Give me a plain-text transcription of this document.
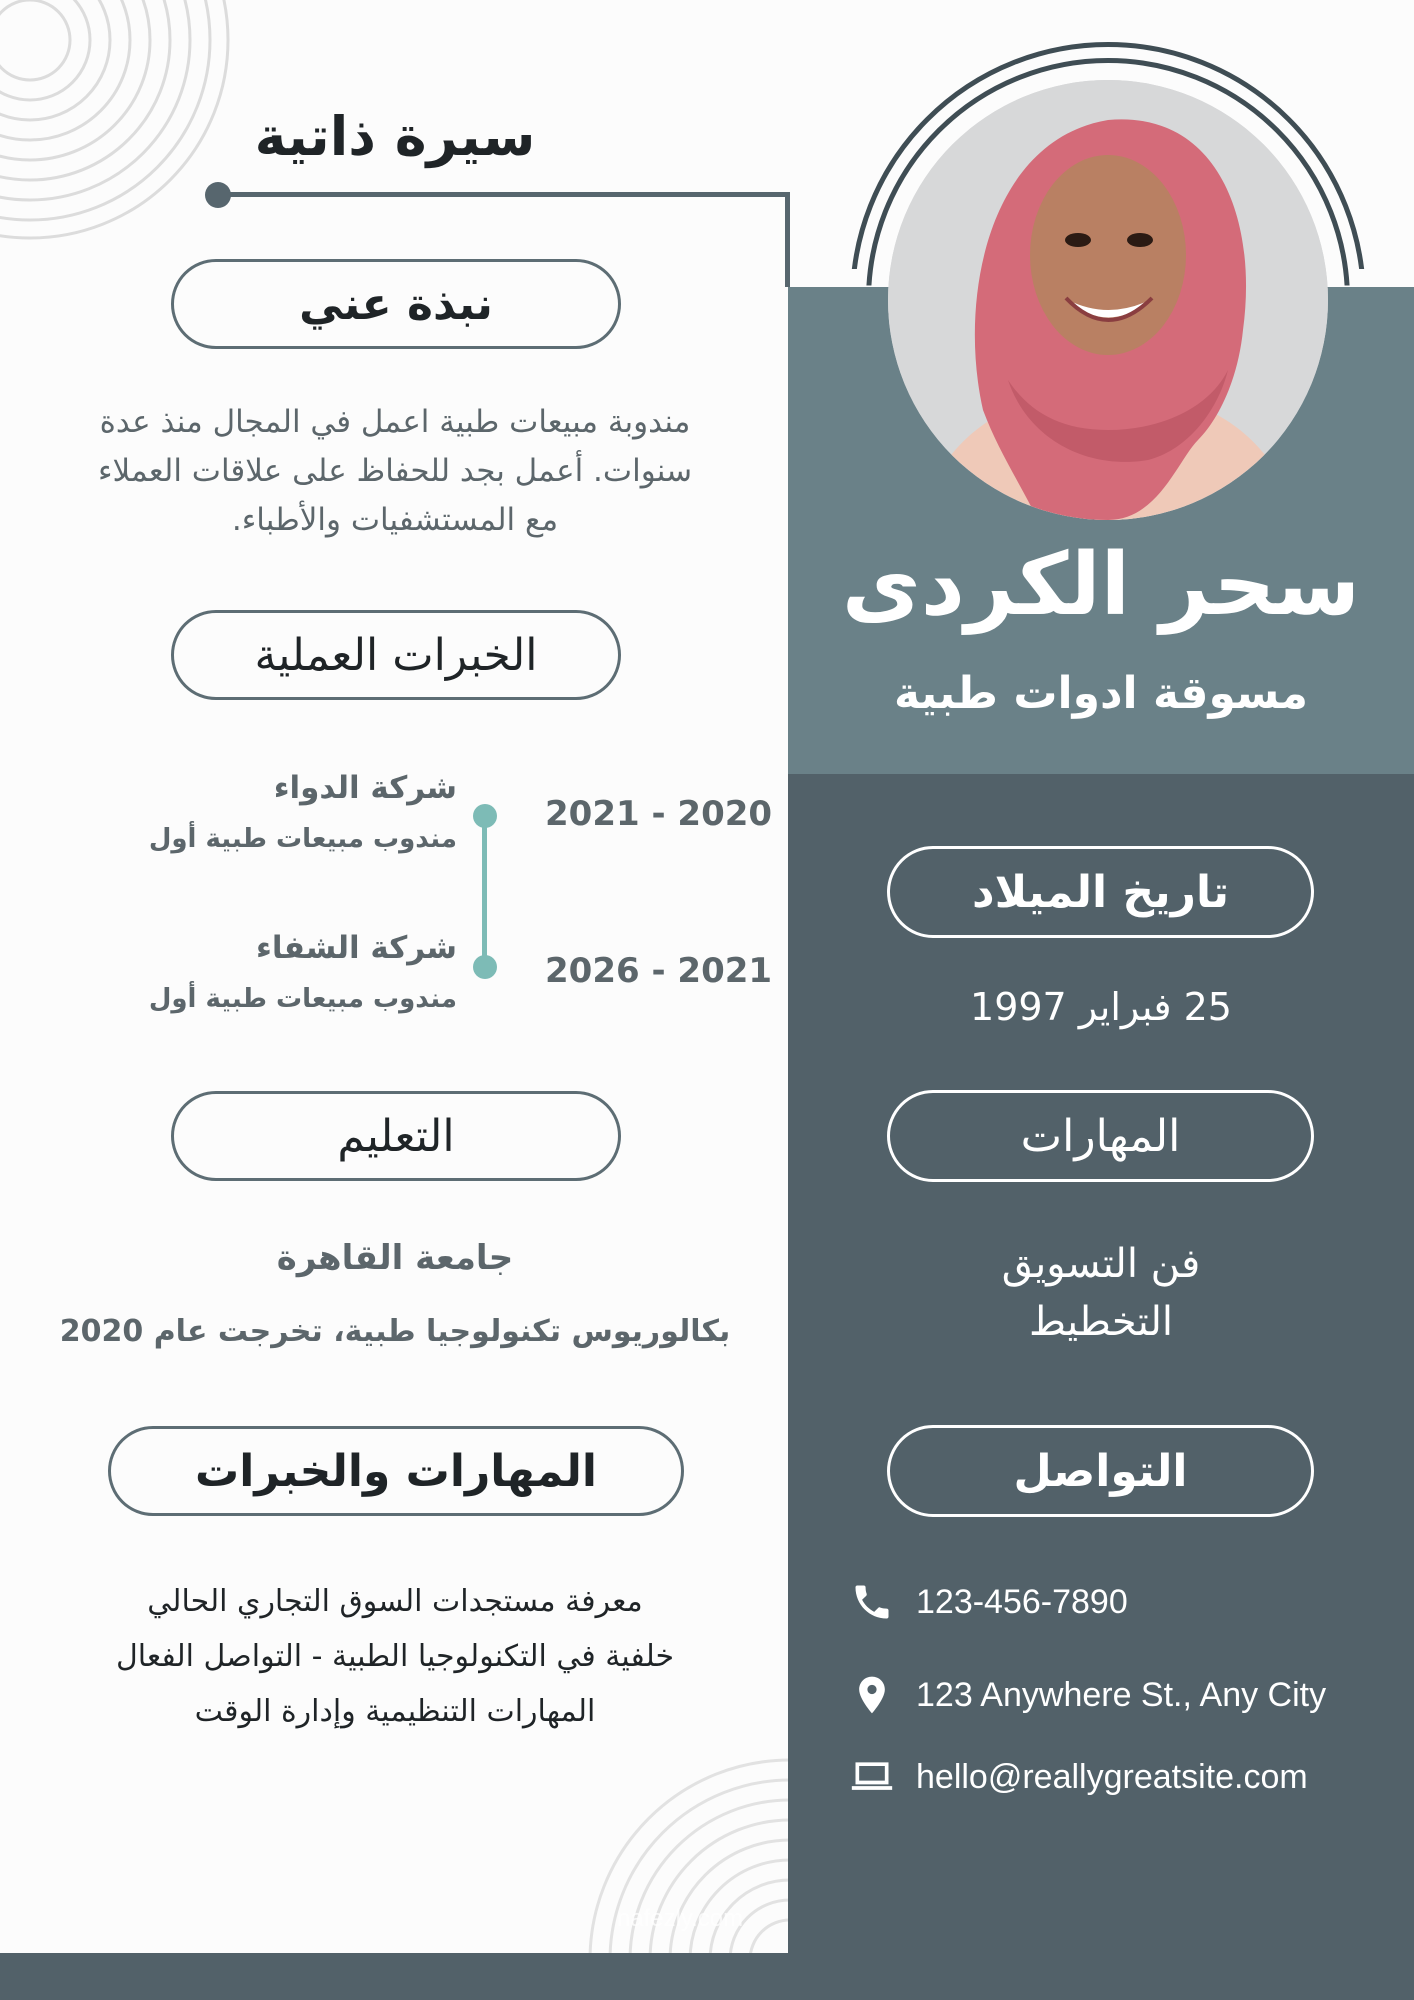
سيرة ذاتية
سحر الكردى
مسوقة ادوات طبية
نبذة عني
مندوبة مبيعات طبية اعمل في المجال منذ عدة
سنوات. أعمل بجد للحفاظ على علاقات العملاء
مع المستشفيات والأطباء.
الخبرات العملية
شركة الدواء
مندوب مبيعات طبية أول
2021 - 2020
شركة الشفاء
مندوب مبيعات طبية أول
2026 - 2021
التعليم
جامعة القاهرة
بكالوريوس تكنولوجيا طبية، تخرجت عام 2020
المهارات والخبرات
معرفة مستجدات السوق التجاري الحالي
خلفية في التكنولوجيا الطبية - التواصل الفعال
المهارات التنظيمية وإدارة الوقت
تاريخ الميلاد
25 فبراير 1997
المهارات
فن التسويق
التخطيط
التواصل
123-456-7890
123 Anywhere St., Any City
hello@reallygreatsite.com
nafezly.com
